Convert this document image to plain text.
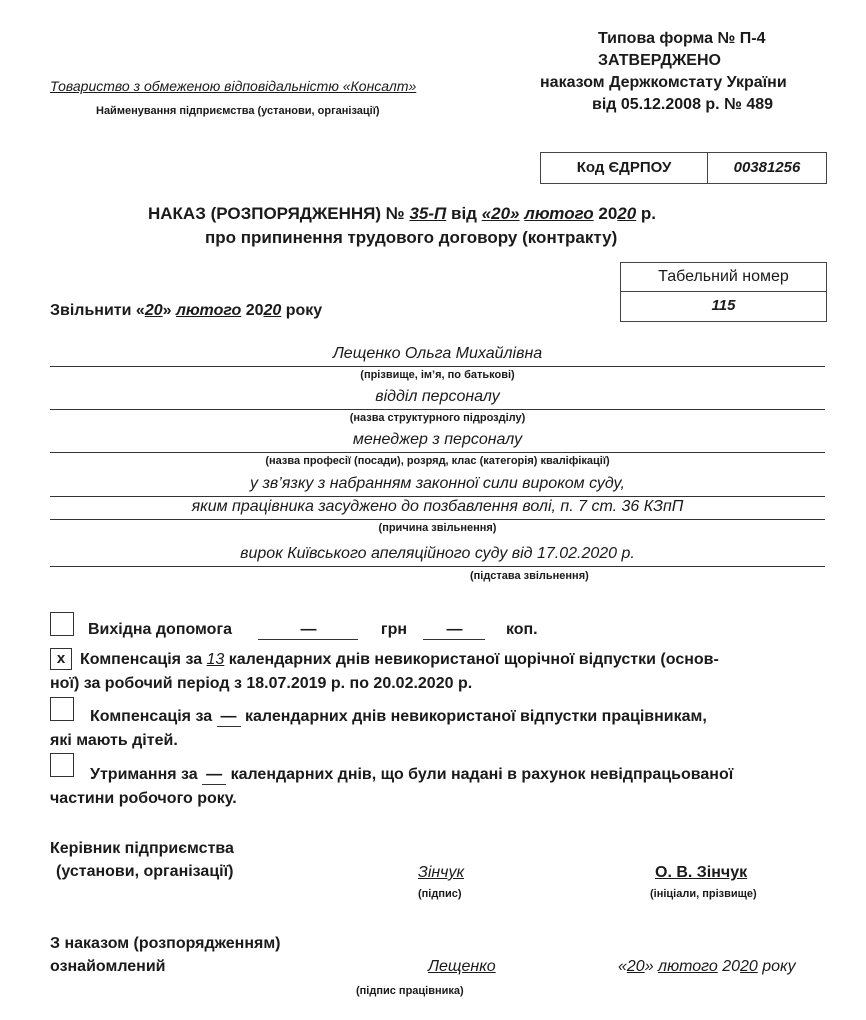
Типова форма № П-4
ЗАТВЕРДЖЕНО
наказом Держкомстату України
від 05.12.2008 р. № 489
Товариство з обмеженою відповідальністю «Консалт»
Найменування підприємства (установи, організації)
Код ЄДРПОУ	00381256
НАКАЗ (РОЗПОРЯДЖЕННЯ) № 35-П від «20» лютого 2020 р.
про припинення трудового договору (контракту)
Табельний номер
115
Звільнити «20» лютого 2020 року
Лещенко Ольга Михайлівна
(прізвище, ім’я, по батькові)
відділ персоналу
(назва структурного підрозділу)
менеджер з персоналу
(назва професії (посади), розряд, клас (категорія) кваліфікації)
у зв’язку з набранням законної сили вироком суду,
яким працівника засуджено до позбавлення волі, п. 7 ст. 36 КЗпП
(причина звільнення)
вирок Київського апеляційного суду від 17.02.2020 р.
(підстава звільнення)
Вихідна допомога	—	грн —	коп.
x Компенсація за 13 календарних днів невикористаної щорічної відпустки (основ-
ної) за робочий період з 18.07.2019 р. по 20.02.2020 р.
Компенсація за — календарних днів невикористаної відпустки працівникам,
які мають дітей.
Утримання за — календарних днів, що були надані в рахунок невідпрацьованої
частини робочого року.
Керівник підприємства
(установи, організації)	Зінчук
(підпис)
О. В. Зінчук
(ініціали, прізвище)
З наказом (розпорядженням)
ознайомлений	Лещенко
(підпис працівника)
«20» лютого 2020 року
